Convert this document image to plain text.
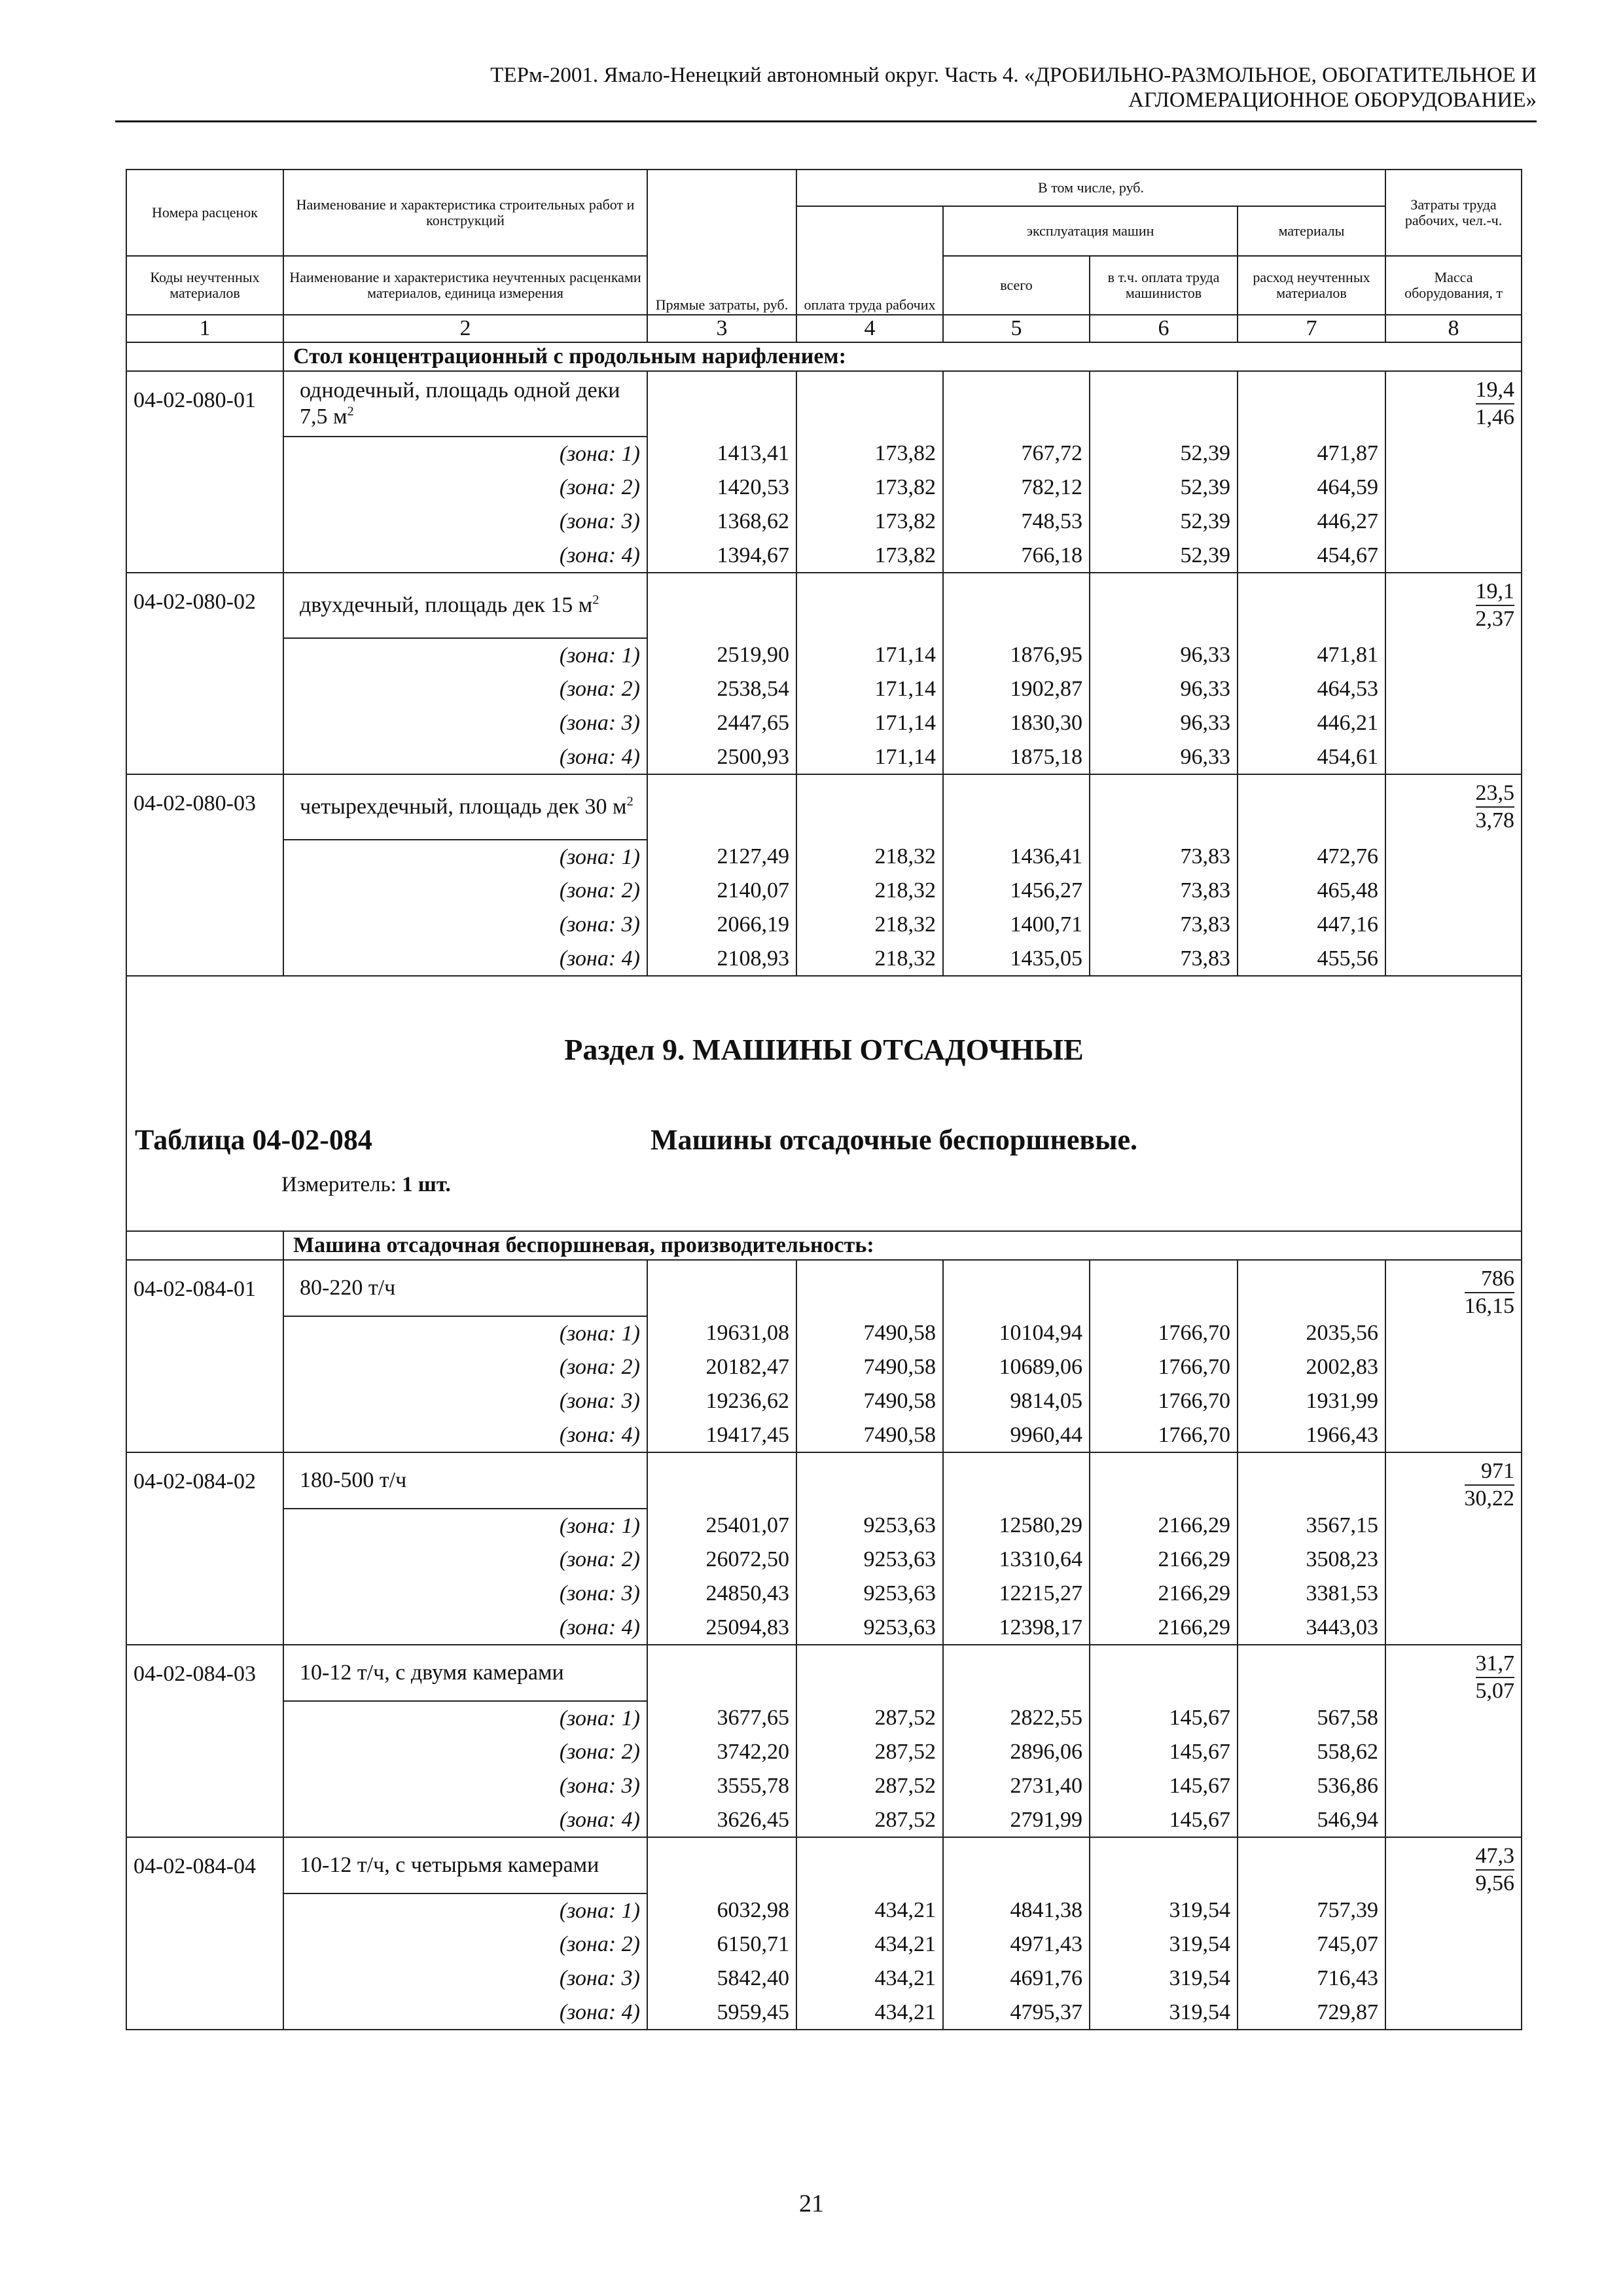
ТЕРм-2001. Ямало-Ненецкий автономный округ. Часть 4. «ДРОБИЛЬНО-РАЗМОЛЬНОЕ, ОБОГАТИТЕЛЬНОЕ И
АГЛОМЕРАЦИОННОЕ ОБОРУДОВАНИЕ»
Номера расценок	Наименование и характеристика строительных работ и конструкций	Прямые затраты, руб.	В том числе, руб.				Затраты труда рабочих, чел.-ч.
			оплата труда рабочих	эксплуатация машин		материалы	
Коды неучтенных материалов	Наименование и характеристика неучтенных расценками материалов, единица измерения			всего	в т.ч. оплата труда машинистов	расход неучтенных материалов	Масса оборудования, т
1	2	3	4	5	6	7	8
	Стол концентрационный с продольным нарифлением:						
04-02-080-01	однодечный, площадь одной деки 7,5 $м^2$						$\frac{19,4}{1,46}$

	(зона: 1)	1413,41	173,82	767,72	52,39	471,87	
	(зона: 2)	1420,53	173,82	782,12	52,39	464,59	
	(зона: 3)	1368,62	173,82	748,53	52,39	446,27	
	(зона: 4)	1394,67	173,82	766,18	52,39	454,67	
04-02-080-02	двухдечный, площадь дек 15 $м^2$						$\frac{19,1}{2,37}$

	(зона: 1)	2519,90	171,14	1876,95	96,33	471,81	
	(зона: 2)	2538,54	171,14	1902,87	96,33	464,53	
	(зона: 3)	2447,65	171,14	1830,30	96,33	446,21	
	(зона: 4)	2500,93	171,14	1875,18	96,33	454,61	
04-02-080-03	четырехдечный, площадь дек 30 $м^2$						$\frac{23,5}{3,78}$

	(зона: 1)	2127,49	218,32	1436,41	73,83	472,76	
	(зона: 2)	2140,07	218,32	1456,27	73,83	465,48	
	(зона: 3)	2066,19	218,32	1400,71	73,83	447,16	
	(зона: 4)	2108,93	218,32	1435,05	73,83	455,56	

Раздел 9. МАШИНЫ ОТСАДОЧНЫЕ
Таблица 04-02-084 Машины отсадочные беспоршневые.
Измеритель: 1 шт.							

	Машина отсадочная беспоршневая, производительность:						
04-02-084-01	80-220 т/ч						$\frac{786}{16,15}$

	(зона: 1)	19631,08	7490,58	10104,94	1766,70	2035,56	
	(зона: 2)	20182,47	7490,58	10689,06	1766,70	2002,83	
	(зона: 3)	19236,62	7490,58	9814,05	1766,70	1931,99	
	(зона: 4)	19417,45	7490,58	9960,44	1766,70	1966,43	
04-02-084-02	180-500 т/ч						$\frac{971}{30,22}$

	(зона: 1)	25401,07	9253,63	12580,29	2166,29	3567,15	
	(зона: 2)	26072,50	9253,63	13310,64	2166,29	3508,23	
	(зона: 3)	24850,43	9253,63	12215,27	2166,29	3381,53	
	(зона: 4)	25094,83	9253,63	12398,17	2166,29	3443,03	
04-02-084-03	10-12 т/ч, с двумя камерами						$\frac{31,7}{5,07}$

	(зона: 1)	3677,65	287,52	2822,55	145,67	567,58	
	(зона: 2)	3742,20	287,52	2896,06	145,67	558,62	
	(зона: 3)	3555,78	287,52	2731,40	145,67	536,86	
	(зона: 4)	3626,45	287,52	2791,99	145,67	546,94	
04-02-084-04	10-12 т/ч, с четырьмя камерами						$\frac{47,3}{9,56}$

	(зона: 1)	6032,98	434,21	4841,38	319,54	757,39	
	(зона: 2)	6150,71	434,21	4971,43	319,54	745,07	
	(зона: 3)	5842,40	434,21	4691,76	319,54	716,43	
	(зона: 4)	5959,45	434,21	4795,37	319,54	729,87	
21
